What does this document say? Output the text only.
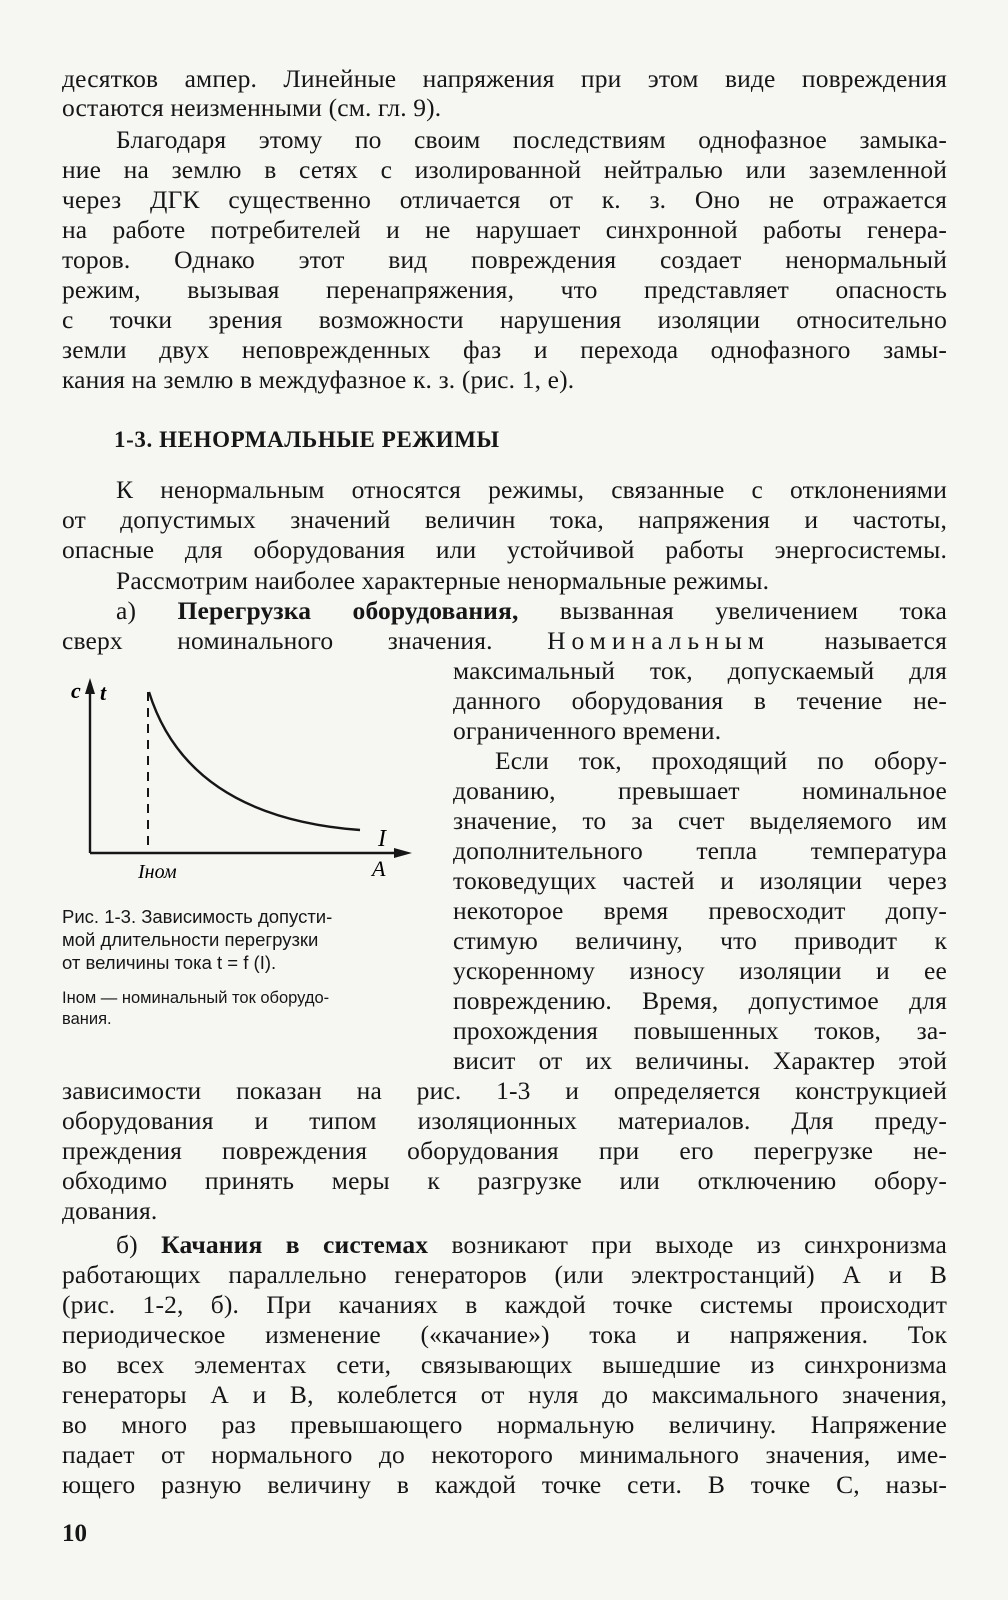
десятков ампер. Линейные напряжения при этом виде повреждения
остаются неизменными (см. гл. 9).
Благодаря этому по своим последствиям однофазное замыка-
ние на землю в сетях с изолированной нейтралью или заземленной
через ДГК существенно отличается от к. з. Оно не отражается
на работе потребителей и не нарушает синхронной работы генера-
торов. Однако этот вид повреждения создает ненормальный
режим, вызывая перенапряжения, что представляет опасность
с точки зрения возможности нарушения изоляции относительно
земли двух неповрежденных фаз и перехода однофазного замы-
кания на землю в междуфазное к. з. (рис. 1, е).
1-3. НЕНОРМАЛЬНЫЕ РЕЖИМЫ
К ненормальным относятся режимы, связанные с отклонениями
от допустимых значений величин тока, напряжения и частоты,
опасные для оборудования или устойчивой работы энергосистемы.
Рассмотрим наиболее характерные ненормальные режимы.
а) Перегрузка оборудования, вызванная увеличением тока
сверх номинального значения. Номинальным называется
максимальный ток, допускаемый для
данного оборудования в течение не-
ограниченного времени.
Если ток, проходящий по обору-
дованию, превышает номинальное
значение, то за счет выделяемого им
дополнительного тепла температура
токоведущих частей и изоляции через
некоторое время превосходит допу-
стимую величину, что приводит к
ускоренному износу изоляции и ее
повреждению. Время, допустимое для
прохождения повышенных токов, за-
висит от их величины. Характер этой
с t
I
А
Iном
Рис. 1-3. Зависимость допусти-
мой длительности перегрузки
от величины тока t = f (I).
Iном — номинальный ток оборудо-
вания.
зависимости показан на рис. 1-3 и определяется конструкцией
оборудования и типом изоляционных материалов. Для преду-
преждения повреждения оборудования при его перегрузке не-
обходимо принять меры к разгрузке или отключению обору-
дования.
б) Качания в системах возникают при выходе из синхронизма
работающих параллельно генераторов (или электростанций) А и В
(рис. 1-2, б). При качаниях в каждой точке системы происходит
периодическое изменение («качание») тока и напряжения. Ток
во всех элементах сети, связывающих вышедшие из синхронизма
генераторы А и В, колеблется от нуля до максимального значения,
во много раз превышающего нормальную величину. Напряжение
падает от нормального до некоторого минимального значения, име-
ющего разную величину в каждой точке сети. В точке С, назы-
10
